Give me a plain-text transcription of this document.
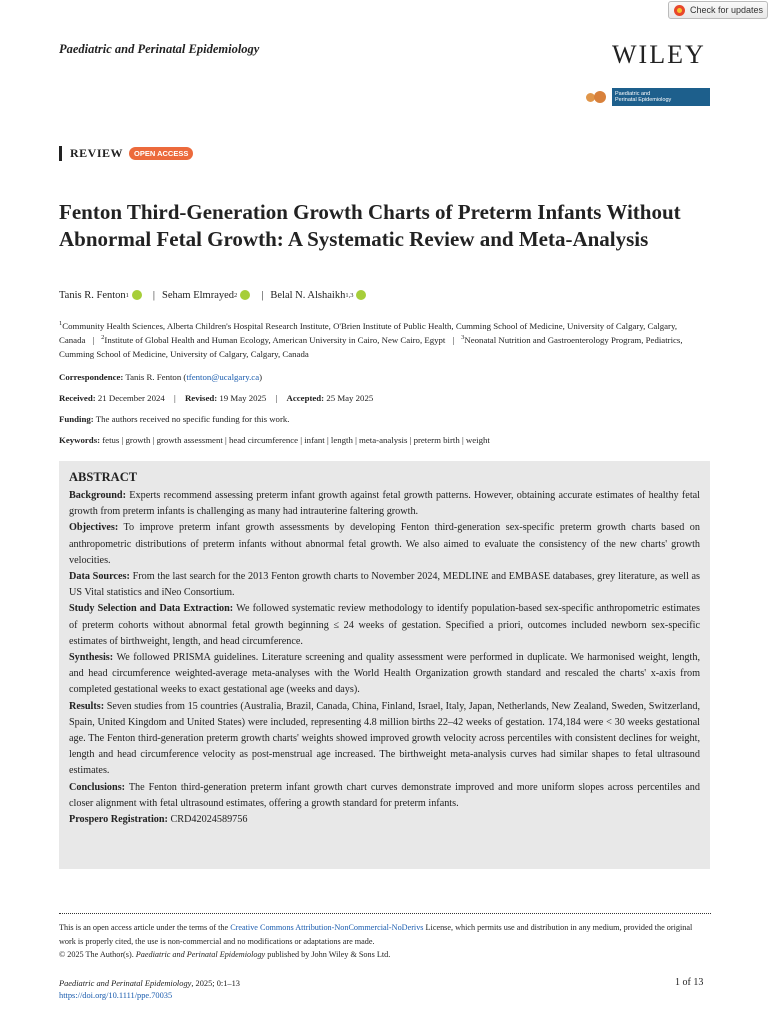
Check for updates
Paediatric and Perinatal Epidemiology	WILEY
Paediatric and
Perinatal Epidemiology
REVIEW	OPEN ACCESS
Fenton Third-Generation Growth Charts of Preterm Infants Without Abnormal Fetal Growth: A Systematic Review and Meta-Analysis
Tanis R. Fenton 1 | Seham Elmrayed 2 | Belal N. Alshaikh 1,3
$^1$Community Health Sciences, Alberta Children's Hospital Research Institute, O'Brien Institute of Public Health, Cumming School of Medicine, University of Calgary, Calgary, Canada | $^2$Institute of Global Health and Human Ecology, American University in Cairo, New Cairo, Egypt | $^3$Neonatal Nutrition and Gastroenterology Program, Pediatrics, Cumming School of Medicine, University of Calgary, Calgary, Canada
Correspondence: Tanis R. Fenton (tfenton@ucalgary.ca)
Received: 21 December 2024 | Revised: 19 May 2025 | Accepted: 25 May 2025
Funding: The authors received no specific funding for this work.
Keywords: fetus | growth | growth assessment | head circumference | infant | length | meta-analysis | preterm birth | weight
ABSTRACT

Background: Experts recommend assessing preterm infant growth against fetal growth patterns. However, obtaining accurate estimates of healthy fetal growth from preterm infants is challenging as many had intrauterine faltering growth.

Objectives: To improve preterm infant growth assessments by developing Fenton third-generation sex-specific preterm growth charts based on anthropometric distributions of preterm infants without abnormal fetal growth. We also aimed to evaluate the consistency of the new charts' growth velocities.

Data Sources: From the last search for the 2013 Fenton growth charts to November 2024, MEDLINE and EMBASE databases, grey literature, as well as US Vital statistics and iNeo Consortium.

Study Selection and Data Extraction: We followed systematic review methodology to identify population-based sex-specific anthropometric estimates of preterm cohorts without abnormal fetal growth beginning ≤ 24 weeks of gestation. Specified a priori, outcomes included newborn sex-specific estimates of birthweight, length, and head circumference.

Synthesis: We followed PRISMA guidelines. Literature screening and quality assessment were performed in duplicate. We harmonised weight, length, and head circumference weighted-average meta-analyses with the World Health Organization growth standard and rescaled the charts' x-axis from completed gestational weeks to exact gestational age (weeks and days).

Results: Seven studies from 15 countries (Australia, Brazil, Canada, China, Finland, Israel, Italy, Japan, Netherlands, New Zealand, Sweden, Switzerland, Spain, United Kingdom and United States) were included, representing 4.8 million births 22–42 weeks of gestation. 174,184 were < 30 weeks gestational age. The Fenton third-generation preterm growth charts' weights showed improved growth velocity across percentiles with consistent declines for weight, length and head circumference velocity as post-menstrual age increased. The birthweight meta-analysis curves had similar shapes to fetal ultrasound estimates.

Conclusions: The Fenton third-generation preterm infant growth chart curves demonstrate improved and more uniform slopes across percentiles and closer alignment with fetal ultrasound estimates, offering a growth standard for preterm infants.

Prospero Registration: CRD42024589756

This is an open access article under the terms of the Creative Commons Attribution-NonCommercial-NoDerivs License, which permits use and distribution in any medium, provided the original work is properly cited, the use is non-commercial and no modifications or adaptations are made.
© 2025 The Author(s). Paediatric and Perinatal Epidemiology published by John Wiley & Sons Ltd.
Paediatric and Perinatal Epidemiology, 2025; 0:1–13
https://doi.org/10.1111/ppe.70035
1 of 13
